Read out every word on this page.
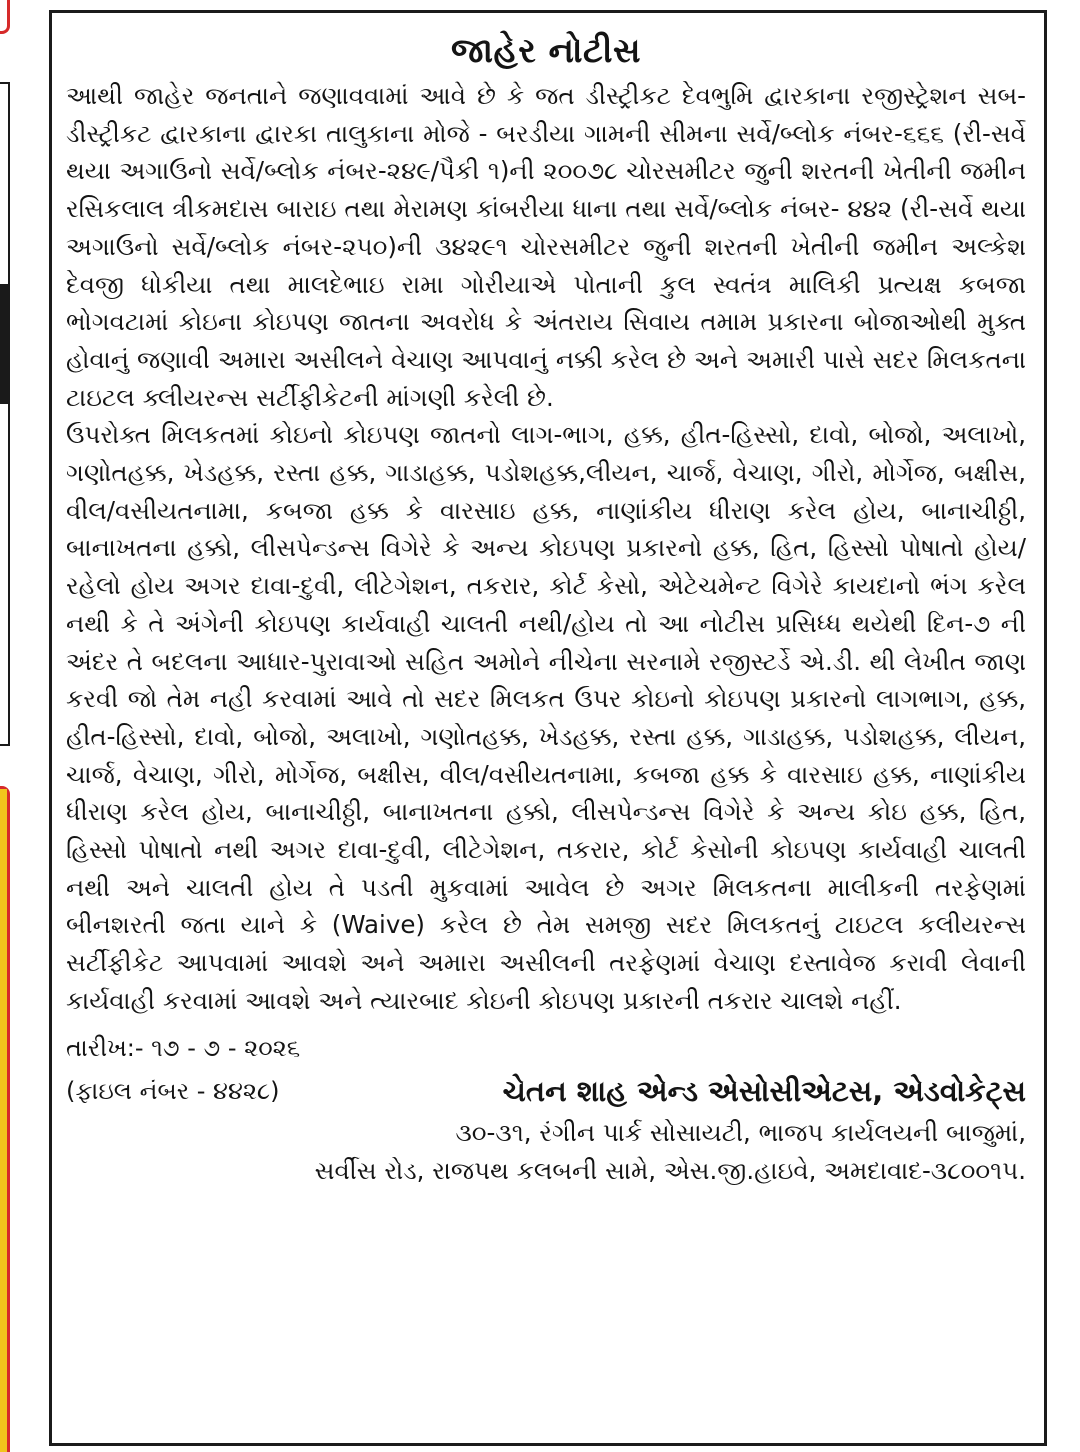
જાહેર નોટીસ

આથી જાહેર જનતાને જણાવવામાં આવે છે કે જત ડીસ્ટ્રીકટ દેવભુમિ દ્વારકાના રજીસ્ટ્રેશન સબ-ડીસ્ટ્રીકટ દ્વારકાના દ્વારકા તાલુકાના મોજે - બરડીયા ગામની સીમના સર્વે/બ્લોક નંબર-૬૬૬ (રી-સર્વે થયા અગાઉનો સર્વે/બ્લોક નંબર-૨૪૯/પૈકી ૧)ની ૨૦૦૭૮ ચોરસમીટર જુની શરતની ખેતીની જમીન રસિકલાલ ત્રીકમદાસ બારાઇ તથા મેરામણ કાંબરીયા ધાના તથા સર્વે/બ્લોક નંબર- ૪૪૨ (રી-સર્વે થયા અગાઉનો સર્વે/બ્લોક નંબર-૨૫૦)ની ૩૪૨૯૧ ચોરસમીટર જુની શરતની ખેતીની જમીન અલ્કેશ દેવજી ધોકીયા તથા માલદેભાઇ રામા ગોરીયાએ પોતાની કુલ સ્વતંત્ર માલિકી પ્રત્યક્ષ કબજા ભોગવટામાં કોઇના કોઇપણ જાતના અવરોધ કે અંતરાય સિવાય તમામ પ્રકારના બોજાઓથી મુક્ત હોવાનું જણાવી અમારા અસીલને વેચાણ આપવાનું નક્કી કરેલ છે અને અમારી પાસે સદર મિલકતના ટાઇટલ ક્લીયરન્સ સર્ટીફીકેટની માંગણી કરેલી છે.

ઉપરોક્ત મિલકતમાં કોઇનો કોઇપણ જાતનો લાગ-ભાગ, હક્ક, હીત-હિસ્સો, દાવો, બોજો, અલાખો, ગણોતહક્ક, ખેડહક્ક, રસ્તા હક્ક, ગાડાહક્ક, પડોશહક્ક,લીયન, ચાર્જ, વેચાણ, ગીરો, મોર્ગેજ, બક્ષીસ, વીલ/વસીયતનામા, કબજા હક્ક કે વારસાઇ હક્ક, નાણાંકીય ધીરાણ કરેલ હોય, બાનાચીઠ્ઠી, બાનાખતના હક્કો, લીસપેન્ડન્સ વિગેરે કે અન્ય કોઇપણ પ્રકારનો હક્ક, હિત, હિસ્સો પોષાતો હોય/રહેલો હોય અગર દાવા-દુવી, લીટેગેશન, તકરાર, કોર્ટ કેસો, એટેચમેન્ટ વિગેરે કાયદાનો ભંગ કરેલ નથી કે તે અંગેની કોઇપણ કાર્યવાહી ચાલતી નથી/હોય તો આ નોટીસ પ્રસિધ્ધ થયેથી દિન-૭ ની અંદર તે બદલના આધાર-પુરાવાઓ સહિત અમોને નીચેના સરનામે રજીસ્ટર્ડે એ.ડી. થી લેખીત જાણ કરવી જો તેમ નહી કરવામાં આવે તો સદર મિલકત ઉપર કોઇનો કોઇપણ પ્રકારનો લાગભાગ, હક્ક, હીત-હિસ્સો, દાવો, બોજો, અલાખો, ગણોતહક્ક, ખેડહક્ક, રસ્તા હક્ક, ગાડાહક્ક, પડોશહક્ક, લીયન, ચાર્જ, વેચાણ, ગીરો, મોર્ગેજ, બક્ષીસ, વીલ/વસીયતનામા, કબજા હક્ક કે વારસાઇ હક્ક, નાણાંકીય ધીરાણ કરેલ હોય, બાનાચીઠ્ઠી, બાનાખતના હક્કો, લીસપેન્ડન્સ વિગેરે કે અન્ય કોઇ હક્ક, હિત, હિસ્સો પોષાતો નથી અગર દાવા-દુવી, લીટેગેશન, તકરાર, કોર્ટ કેસોની કોઇપણ કાર્યવાહી ચાલતી નથી અને ચાલતી હોય તે પડતી મુકવામાં આવેલ છે અગર મિલકતના માલીકની તરફેણમાં બીનશરતી જતા યાને કે (Waive) કરેલ છે તેમ સમજી સદર મિલકતનું ટાઇટલ કલીયરન્સ સર્ટીફીકેટ આપવામાં આવશે અને અમારા અસીલની તરફેણમાં વેચાણ દસ્તાવેજ કરાવી લેવાની કાર્યવાહી કરવામાં આવશે અને ત્યારબાદ કોઇની કોઇપણ પ્રકારની તકરાર ચાલશે નહીં.

તારીખ:- ૧૭ - ૭ - ૨૦૨૬
(ફાઇલ નંબર - ૪૪૨૮)	ચેતન શાહ એન્ડ એસોસીએટસ, એડવોકેટ્સ

૩૦-૩૧, રંગીન પાર્ક સોસાયટી, ભાજપ કાર્યલયની બાજુમાં,

સર્વીસ રોડ, રાજપથ કલબની સામે, એસ.જી.હાઇવે, અમદાવાદ-૩૮૦૦૧૫.
